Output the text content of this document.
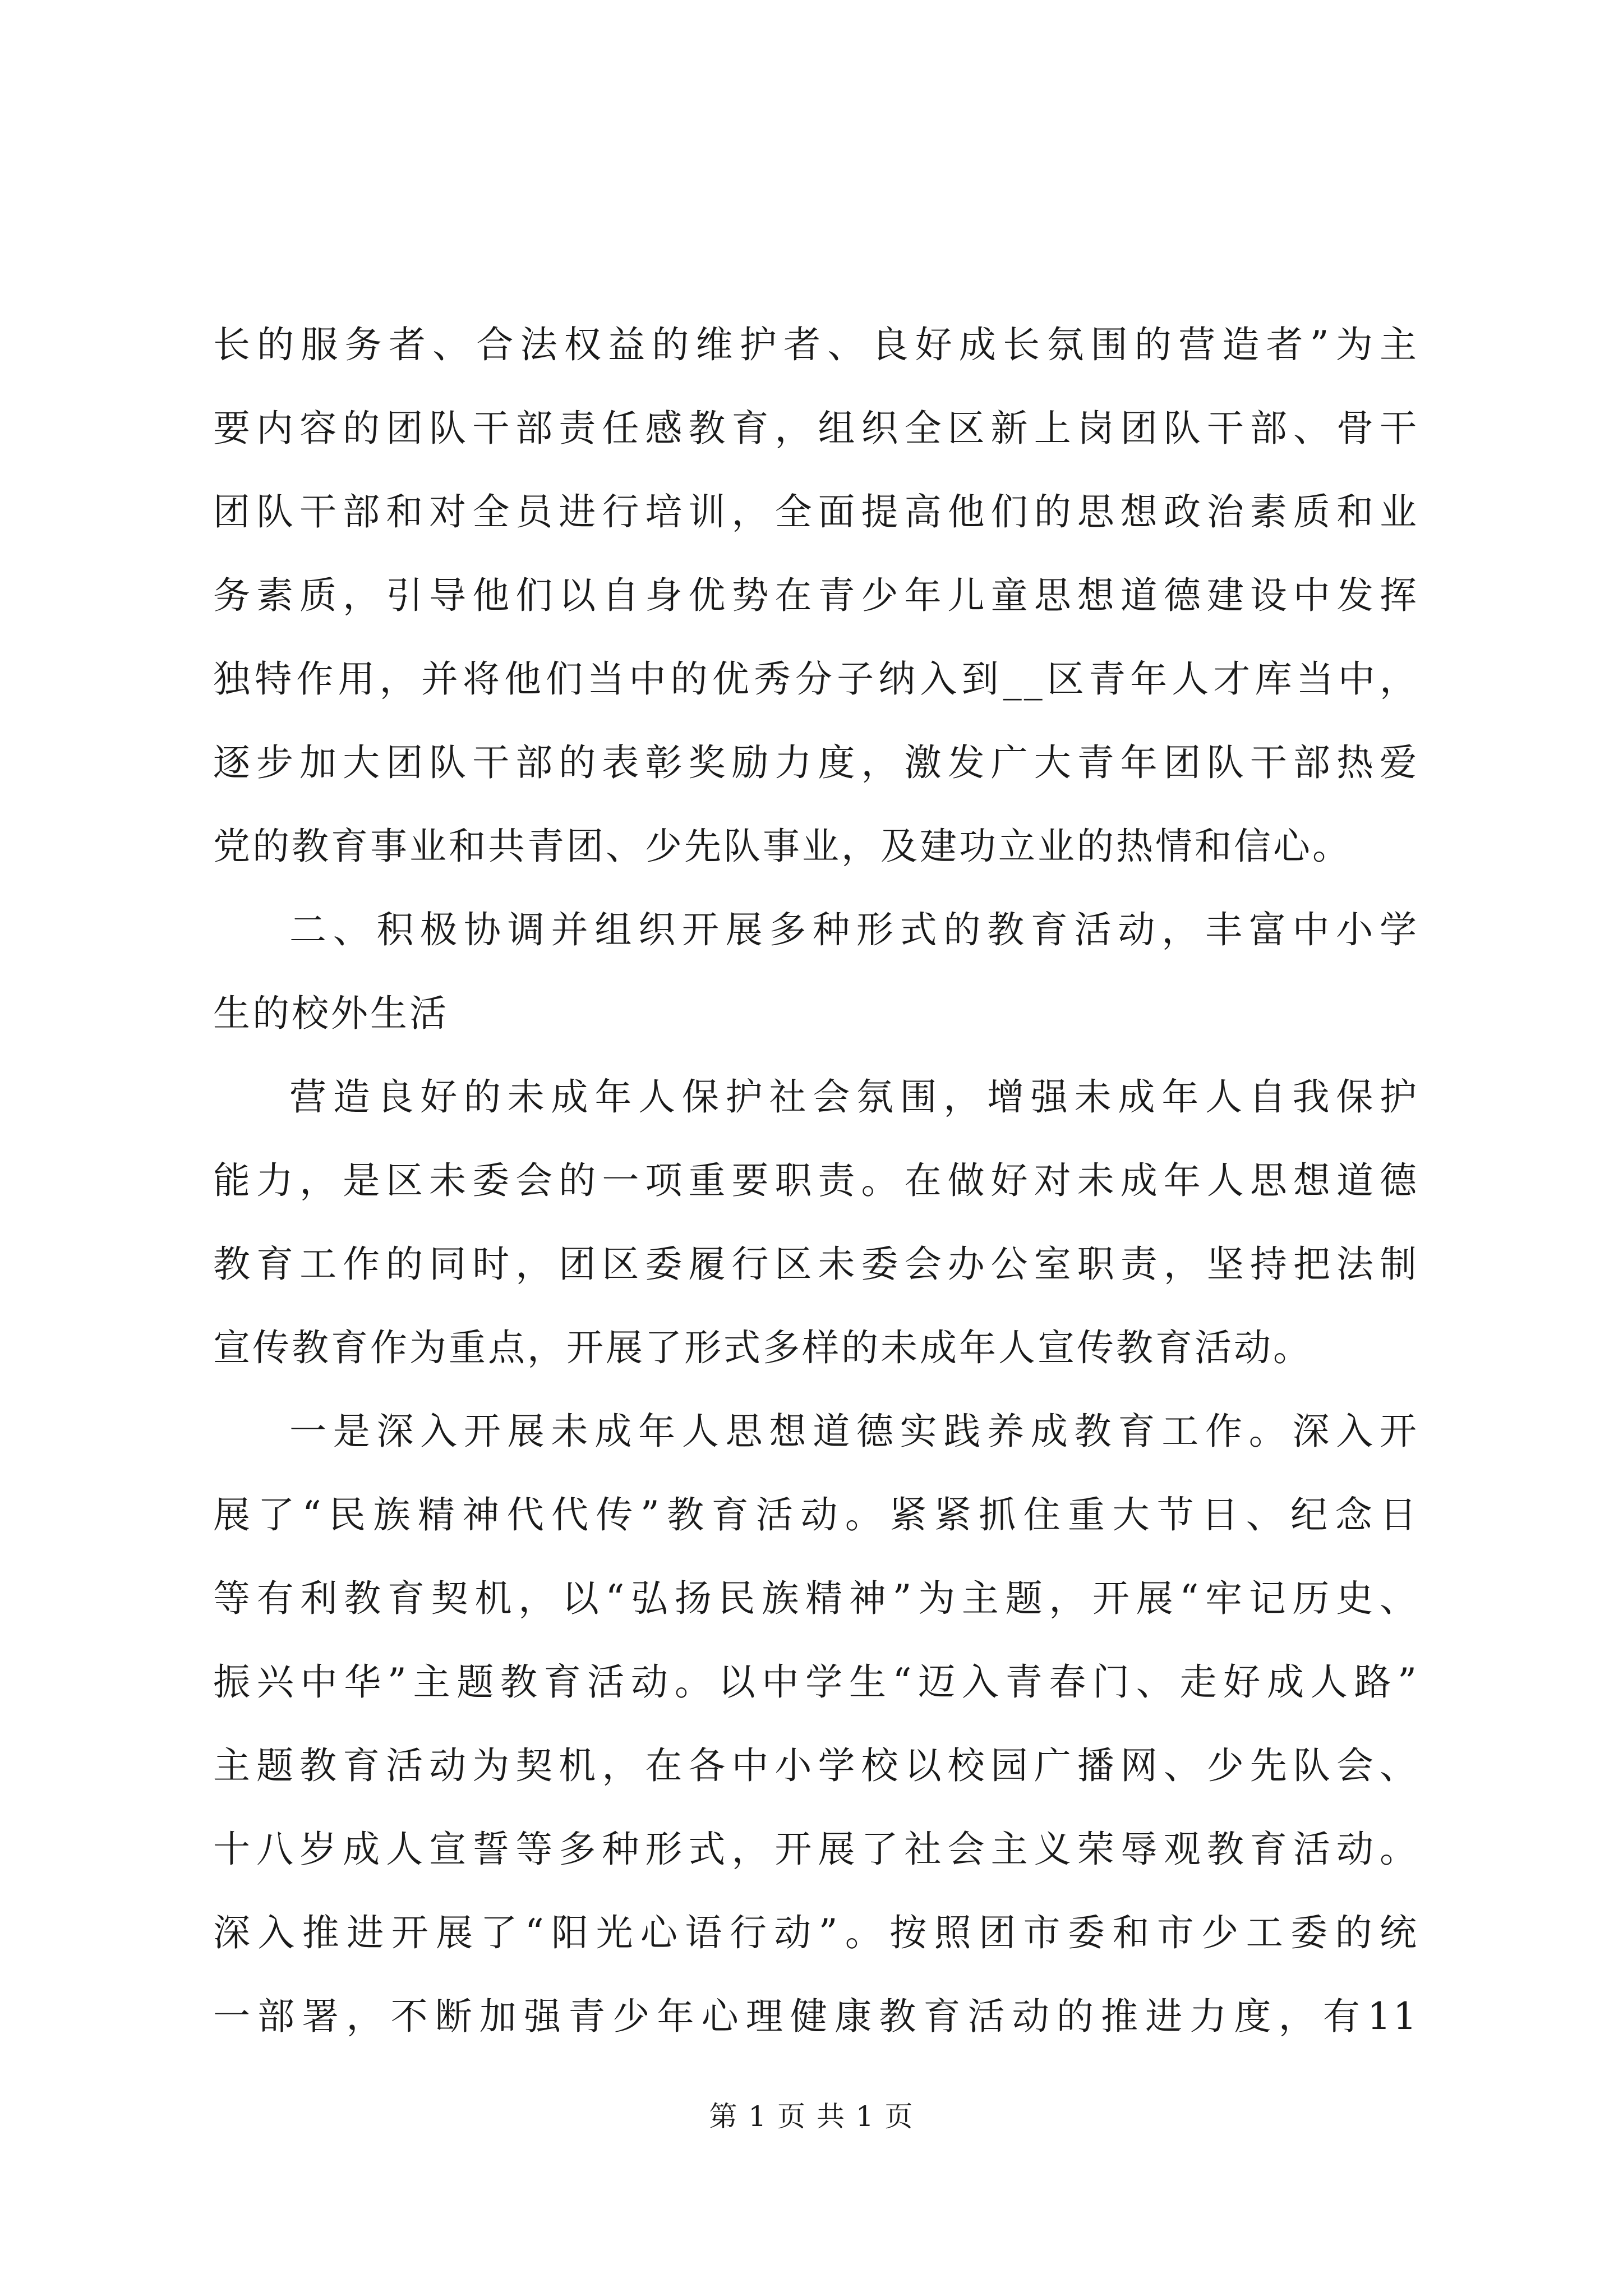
长的服务者、合法权益的维护者、良好成长氛围的营造者”为主
要内容的团队干部责任感教育，组织全区新上岗团队干部、骨干
团队干部和对全员进行培训，全面提高他们的思想政治素质和业
务素质，引导他们以自身优势在青少年儿童思想道德建设中发挥
独特作用，并将他们当中的优秀分子纳入到__区青年人才库当中，
逐步加大团队干部的表彰奖励力度，激发广大青年团队干部热爱
党的教育事业和共青团、少先队事业，及建功立业的热情和信心。
二、积极协调并组织开展多种形式的教育活动，丰富中小学
生的校外生活
营造良好的未成年人保护社会氛围，增强未成年人自我保护
能力，是区未委会的一项重要职责。在做好对未成年人思想道德
教育工作的同时，团区委履行区未委会办公室职责，坚持把法制
宣传教育作为重点，开展了形式多样的未成年人宣传教育活动。
一是深入开展未成年人思想道德实践养成教育工作。深入开
展了“民族精神代代传”教育活动。紧紧抓住重大节日、纪念日
等有利教育契机，以“弘扬民族精神”为主题，开展“牢记历史、
振兴中华”主题教育活动。以中学生“迈入青春门、走好成人路”
主题教育活动为契机，在各中小学校以校园广播网、少先队会、
十八岁成人宣誓等多种形式，开展了社会主义荣辱观教育活动。
深入推进开展了“阳光心语行动”。按照团市委和市少工委的统
一部署，不断加强青少年心理健康教育活动的推进力度，有11
第 1 页 共 1 页
